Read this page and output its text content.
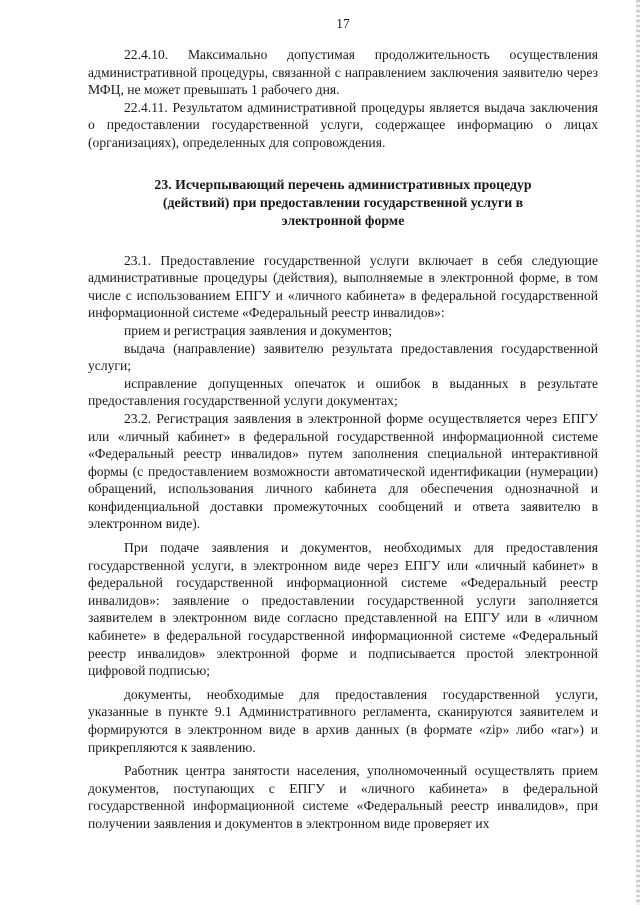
17

22.4.10. Максимально допустимая продолжительность осуществления административной процедуры, связанной с направлением заключения заявителю через МФЦ, не может превышать 1 рабочего дня.

22.4.11. Результатом административной процедуры является выдача заключения о предоставлении государственной услуги, содержащее информацию о лицах (организациях), определенных для сопровождения.

23. Исчерпывающий перечень административных процедур
(действий) при предоставлении государственной услуги в
электронной форме

23.1. Предоставление государственной услуги включает в себя следующие административные процедуры (действия), выполняемые в электронной форме, в том числе с использованием ЕПГУ и «личного кабинета» в федеральной государственной информационной системе «Федеральный реестр инвалидов»:

прием и регистрация заявления и документов;

выдача (направление) заявителю результата предоставления государственной услуги;

исправление допущенных опечаток и ошибок в выданных в результате предоставления государственной услуги документах;

23.2. Регистрация заявления в электронной форме осуществляется через ЕПГУ или «личный кабинет» в федеральной государственной информационной системе «Федеральный реестр инвалидов» путем заполнения специальной интерактивной формы (с предоставлением возможности автоматической идентификации (нумерации) обращений, использования личного кабинета для обеспечения однозначной и конфиденциальной доставки промежуточных сообщений и ответа заявителю в электронном виде).

При подаче заявления и документов, необходимых для предоставления государственной услуги, в электронном виде через ЕПГУ или «личный кабинет» в федеральной государственной информационной системе «Федеральный реестр инвалидов»: заявление о предоставлении государственной услуги заполняется заявителем в электронном виде согласно представленной на ЕПГУ или в «личном кабинете» в федеральной государственной информационной системе «Федеральный реестр инвалидов» электронной форме и подписывается простой электронной цифровой подписью;

документы, необходимые для предоставления государственной услуги, указанные в пункте 9.1 Административного регламента, сканируются заявителем и формируются в электронном виде в архив данных (в формате «zip» либо «rar») и прикрепляются к заявлению.

Работник центра занятости населения, уполномоченный осуществлять прием документов, поступающих с ЕПГУ и «личного кабинета» в федеральной государственной информационной системе «Федеральный реестр инвалидов», при получении заявления и документов в электронном виде проверяет их
